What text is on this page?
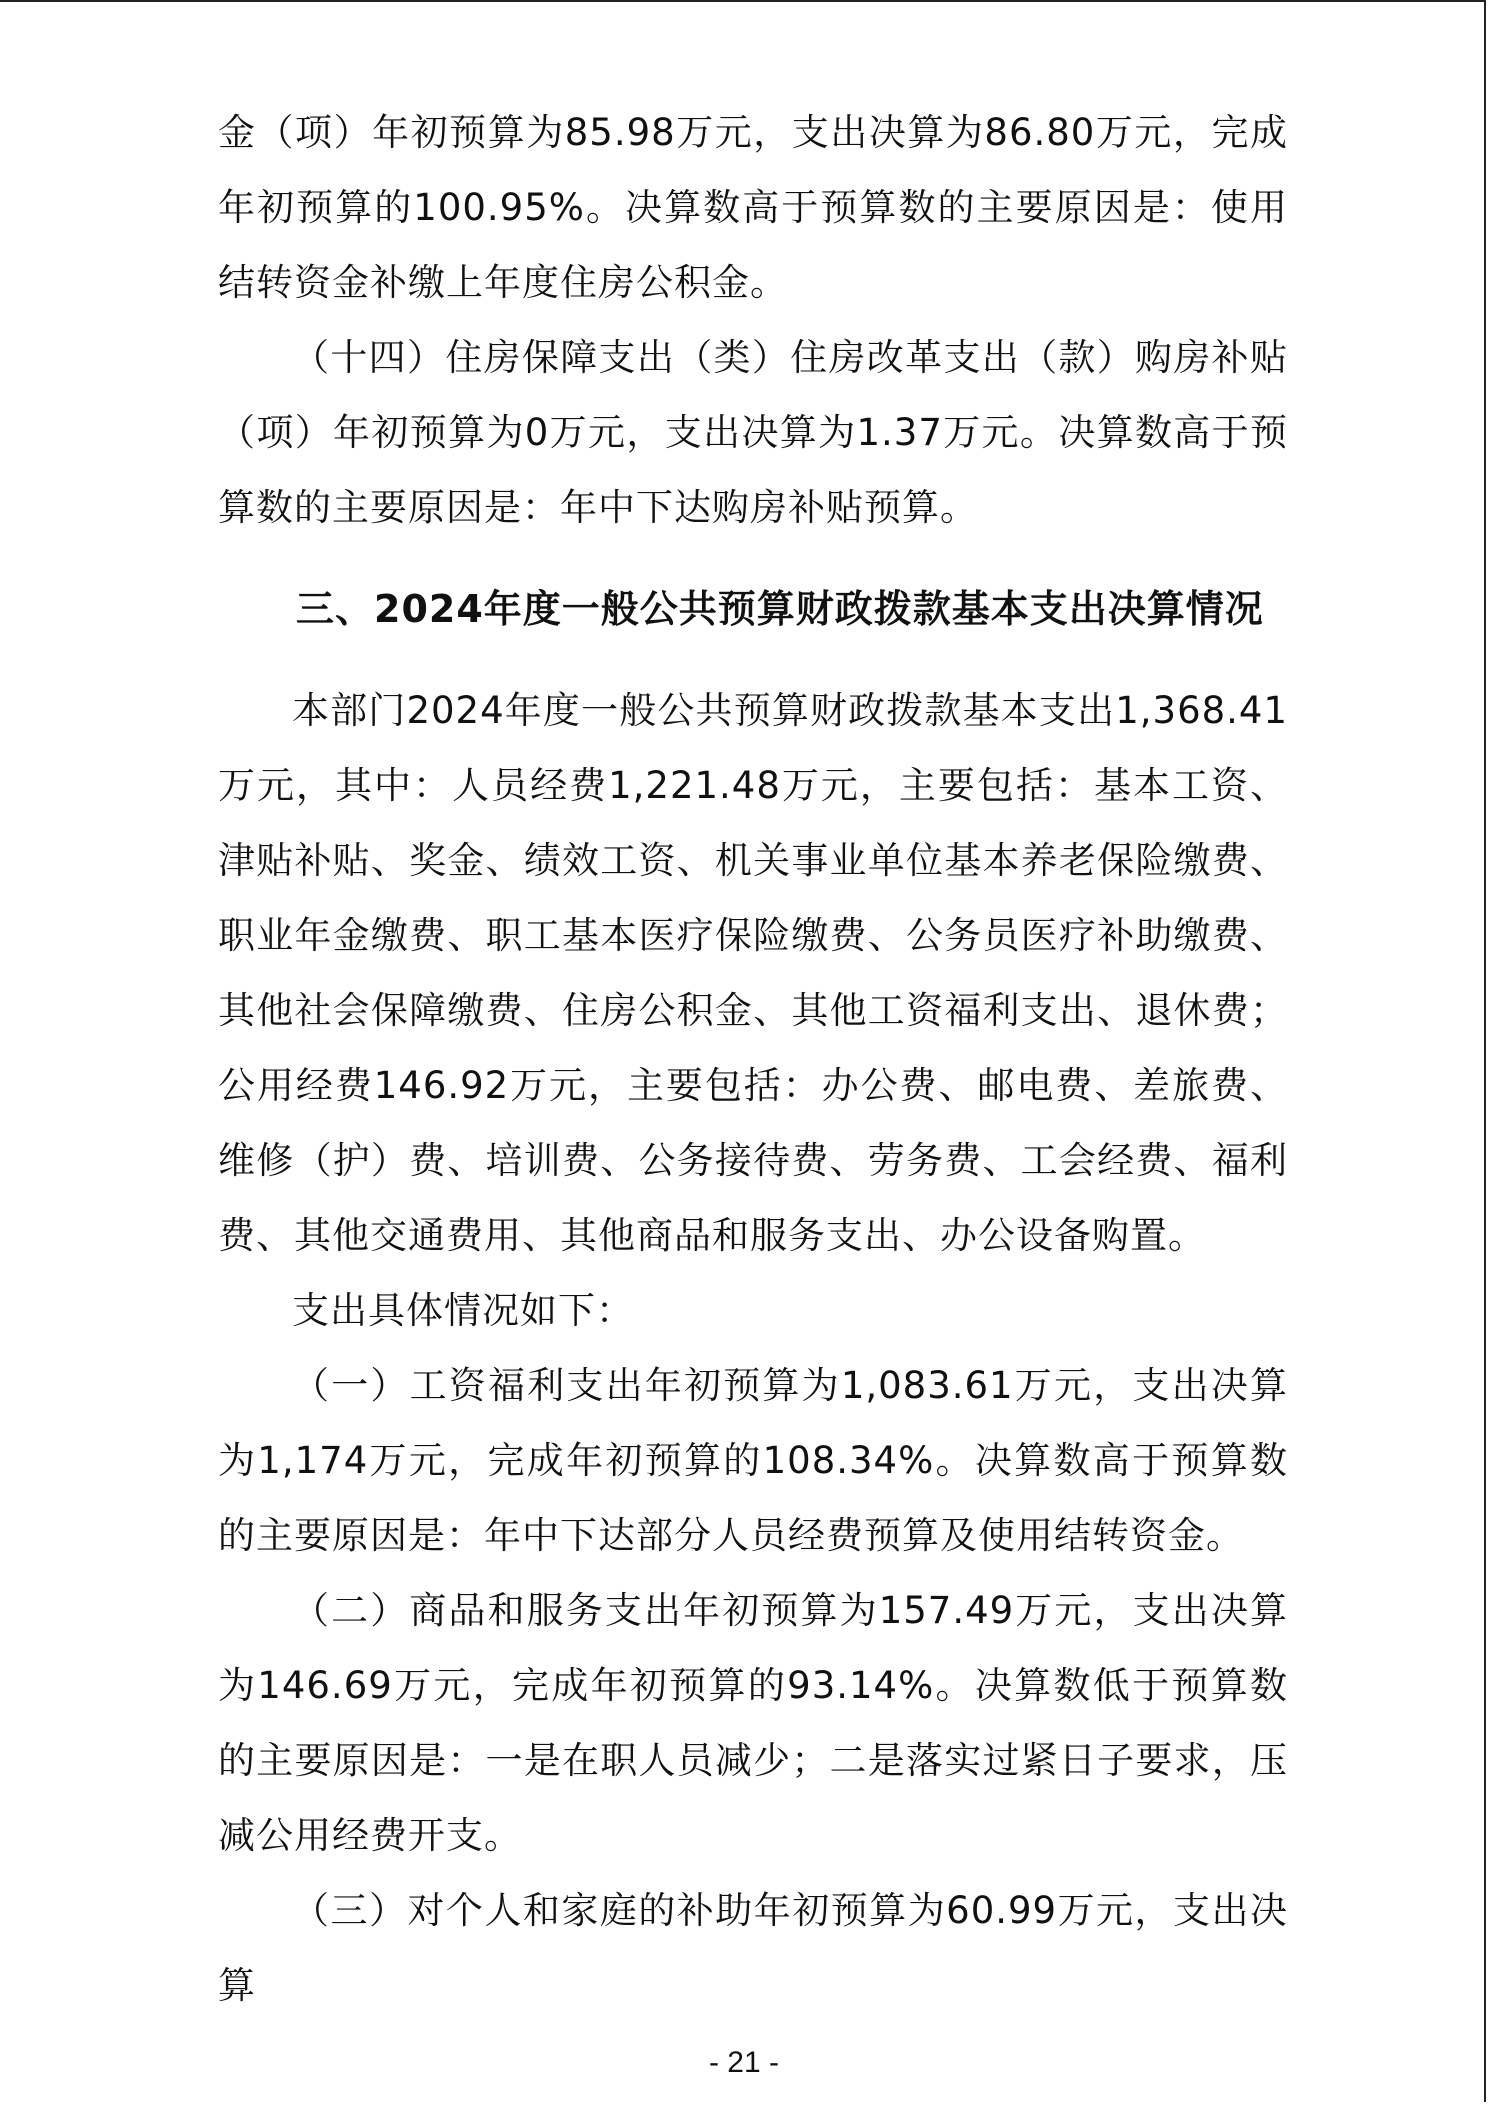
金（项）年初预算为85.98万元，支出决算为86.80万元，完成年初预算的100.95%。决算数高于预算数的主要原因是：使用结转资金补缴上年度住房公积金。

（十四）住房保障支出（类）住房改革支出（款）购房补贴（项）年初预算为0万元，支出决算为1.37万元。决算数高于预算数的主要原因是：年中下达购房补贴预算。

三、2024年度一般公共预算财政拨款基本支出决算情况

本部门2024年度一般公共预算财政拨款基本支出1,368.41万元，其中：人员经费1,221.48万元，主要包括：基本工资、津贴补贴、奖金、绩效工资、机关事业单位基本养老保险缴费、职业年金缴费、职工基本医疗保险缴费、公务员医疗补助缴费、其他社会保障缴费、住房公积金、其他工资福利支出、退休费；公用经费146.92万元，主要包括：办公费、邮电费、差旅费、维修（护）费、培训费、公务接待费、劳务费、工会经费、福利费、其他交通费用、其他商品和服务支出、办公设备购置。

支出具体情况如下：

（一）工资福利支出年初预算为1,083.61万元，支出决算为1,174万元，完成年初预算的108.34%。决算数高于预算数的主要原因是：年中下达部分人员经费预算及使用结转资金。

（二）商品和服务支出年初预算为157.49万元，支出决算为146.69万元，完成年初预算的93.14%。决算数低于预算数的主要原因是：一是在职人员减少；二是落实过紧日子要求，压减公用经费开支。

（三）对个人和家庭的补助年初预算为60.99万元，支出决算

- 21 -
